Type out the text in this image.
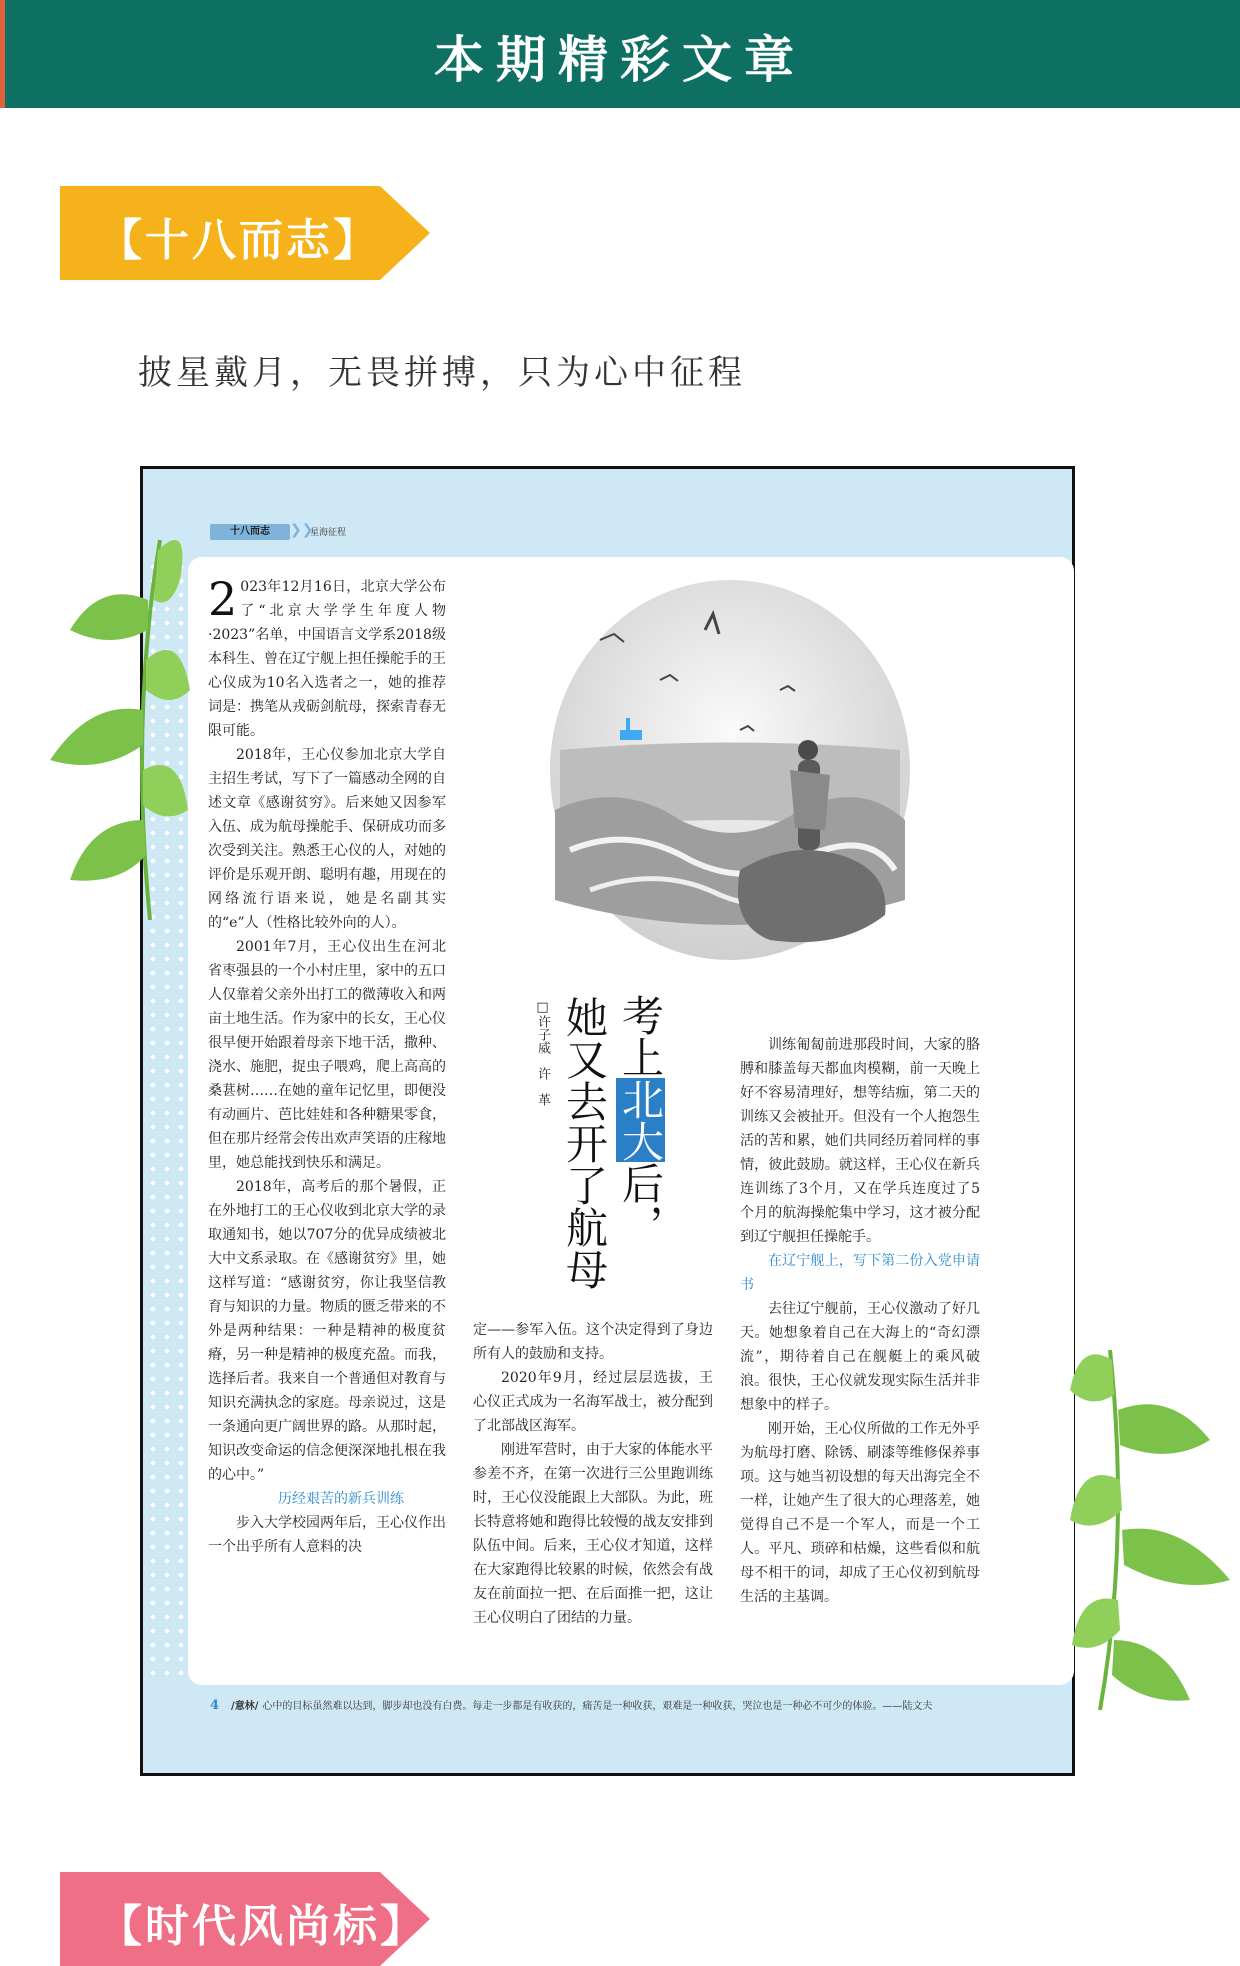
本期精彩文章
【十八而志】
披星戴月，无畏拼搏，只为心中征程
十八而志	❯❯
星海征程

2 023年12月16日，北京大学公布了“北京大学学生年度人物·2023”名单，中国语言文学系2018级本科生、曾在辽宁舰上担任操舵手的王心仪成为10名入选者之一，她的推荐词是：携笔从戎砺剑航母，探索青春无限可能。

2018年，王心仪参加北京大学自主招生考试，写下了一篇感动全网的自述文章《感谢贫穷》。后来她又因参军入伍、成为航母操舵手、保研成功而多次受到关注。熟悉王心仪的人，对她的评价是乐观开朗、聪明有趣，用现在的网络流行语来说，她是名副其实的“e”人（性格比较外向的人）。

2001年7月，王心仪出生在河北省枣强县的一个小村庄里，家中的五口人仅靠着父亲外出打工的微薄收入和两亩土地生活。作为家中的长女，王心仪很早便开始跟着母亲下地干活，撒种、浇水、施肥，捉虫子喂鸡，爬上高高的桑葚树……在她的童年记忆里，即便没有动画片、芭比娃娃和各种糖果零食，但在那片经常会传出欢声笑语的庄稼地里，她总能找到快乐和满足。

2018年，高考后的那个暑假，正在外地打工的王心仪收到北京大学的录取通知书，她以707分的优异成绩被北大中文系录取。在《感谢贫穷》里，她这样写道：“感谢贫穷，你让我坚信教育与知识的力量。物质的匮乏带来的不外是两种结果：一种是精神的极度贫瘠，另一种是精神的极度充盈。而我，选择后者。我来自一个普通但对教育与知识充满执念的家庭。母亲说过，这是一条通向更广阔世界的路。从那时起，知识改变命运的信念便深深地扎根在我的心中。”

历经艰苦的新兵训练

步入大学校园两年后，王心仪作出一个出乎所有人意料的决

考上北大后，
她又去开了航母
□许子威　许　革

定——参军入伍。这个决定得到了身边所有人的鼓励和支持。

2020年9月，经过层层选拔，王心仪正式成为一名海军战士，被分配到了北部战区海军。

刚进军营时，由于大家的体能水平参差不齐，在第一次进行三公里跑训练时，王心仪没能跟上大部队。为此，班长特意将她和跑得比较慢的战友安排到队伍中间。后来，王心仪才知道，这样在大家跑得比较累的时候，依然会有战友在前面拉一把、在后面推一把，这让王心仪明白了团结的力量。

训练匍匐前进那段时间，大家的胳膊和膝盖每天都血肉模糊，前一天晚上好不容易清理好，想等结痂，第二天的训练又会被扯开。但没有一个人抱怨生活的苦和累，她们共同经历着同样的事情，彼此鼓励。就这样，王心仪在新兵连训练了3个月，又在学兵连度过了5个月的航海操舵集中学习，这才被分配到辽宁舰担任操舵手。

在辽宁舰上，写下第二份入党申请书

去往辽宁舰前，王心仪激动了好几天。她想象着自己在大海上的“奇幻漂流”，期待着自己在舰艇上的乘风破浪。很快，王心仪就发现实际生活并非想象中的样子。

刚开始，王心仪所做的工作无外乎为航母打磨、除锈、刷漆等维修保养事项。这与她当初设想的每天出海完全不一样，让她产生了很大的心理落差，她觉得自己不是一个军人，而是一个工人。平凡、琐碎和枯燥，这些看似和航母不相干的词，却成了王心仪初到航母生活的主基调。

4 /意林/ 心中的目标虽然难以达到，脚步却也没有白费。每走一步都是有收获的，痛苦是一种收获，艰难是一种收获，哭泣也是一种必不可少的体验。——陆文夫
【时代风尚标】
